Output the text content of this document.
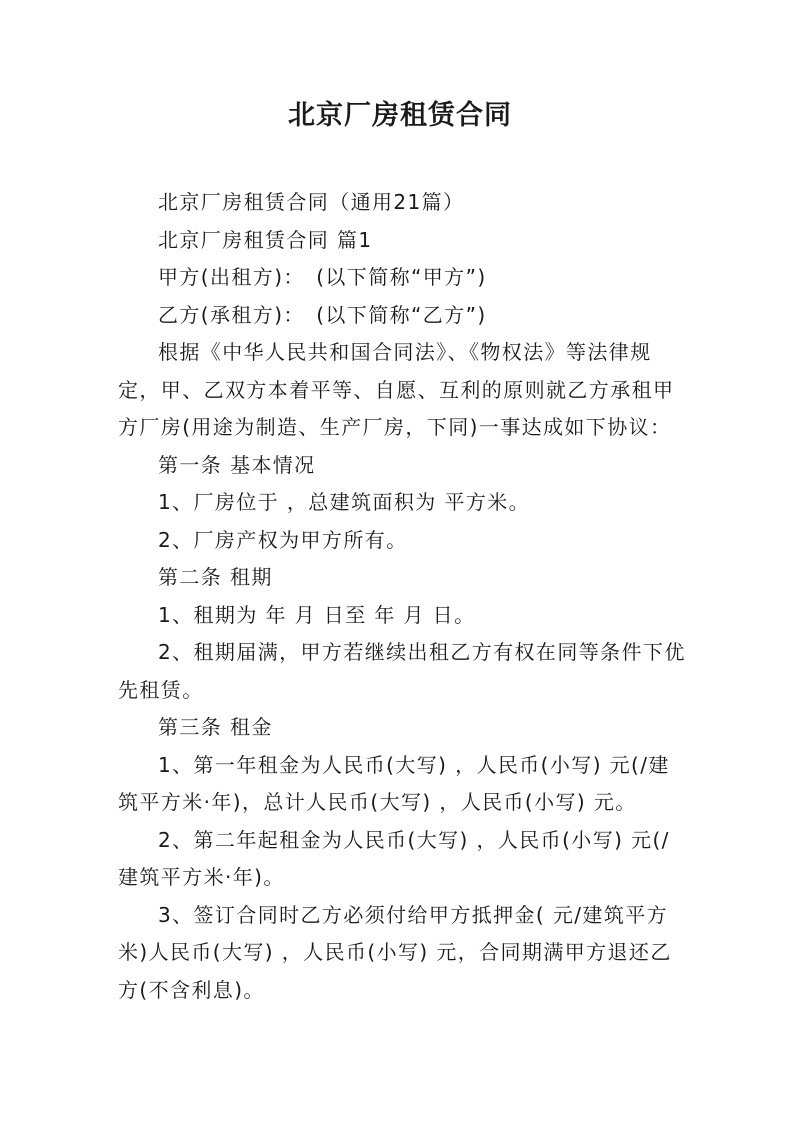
北京厂房租赁合同

北京厂房租赁合同（通用21篇）

北京厂房租赁合同 篇1

甲方(出租方)：　(以下简称“甲方”)

乙方(承租方)：　(以下简称“乙方”)

根据《中华人民共和国合同法》、《物权法》等法律规定，甲、乙双方本着平等、自愿、互利的原则就乙方承租甲方厂房(用途为制造、生产厂房，下同)一事达成如下协议：

第一条 基本情况

1、厂房位于 ，总建筑面积为 平方米。

2、厂房产权为甲方所有。

第二条 租期

1、租期为 年 月 日至 年 月 日。

2、租期届满，甲方若继续出租乙方有权在同等条件下优先租赁。

第三条 租金

1、第一年租金为人民币(大写) ，人民币(小写) 元(/建筑平方米·年)，总计人民币(大写) ，人民币(小写) 元。

2、第二年起租金为人民币(大写) ，人民币(小写) 元(/建筑平方米·年)。

3、签订合同时乙方必须付给甲方抵押金( 元/建筑平方米)人民币(大写) ，人民币(小写) 元，合同期满甲方退还乙方(不含利息)。
